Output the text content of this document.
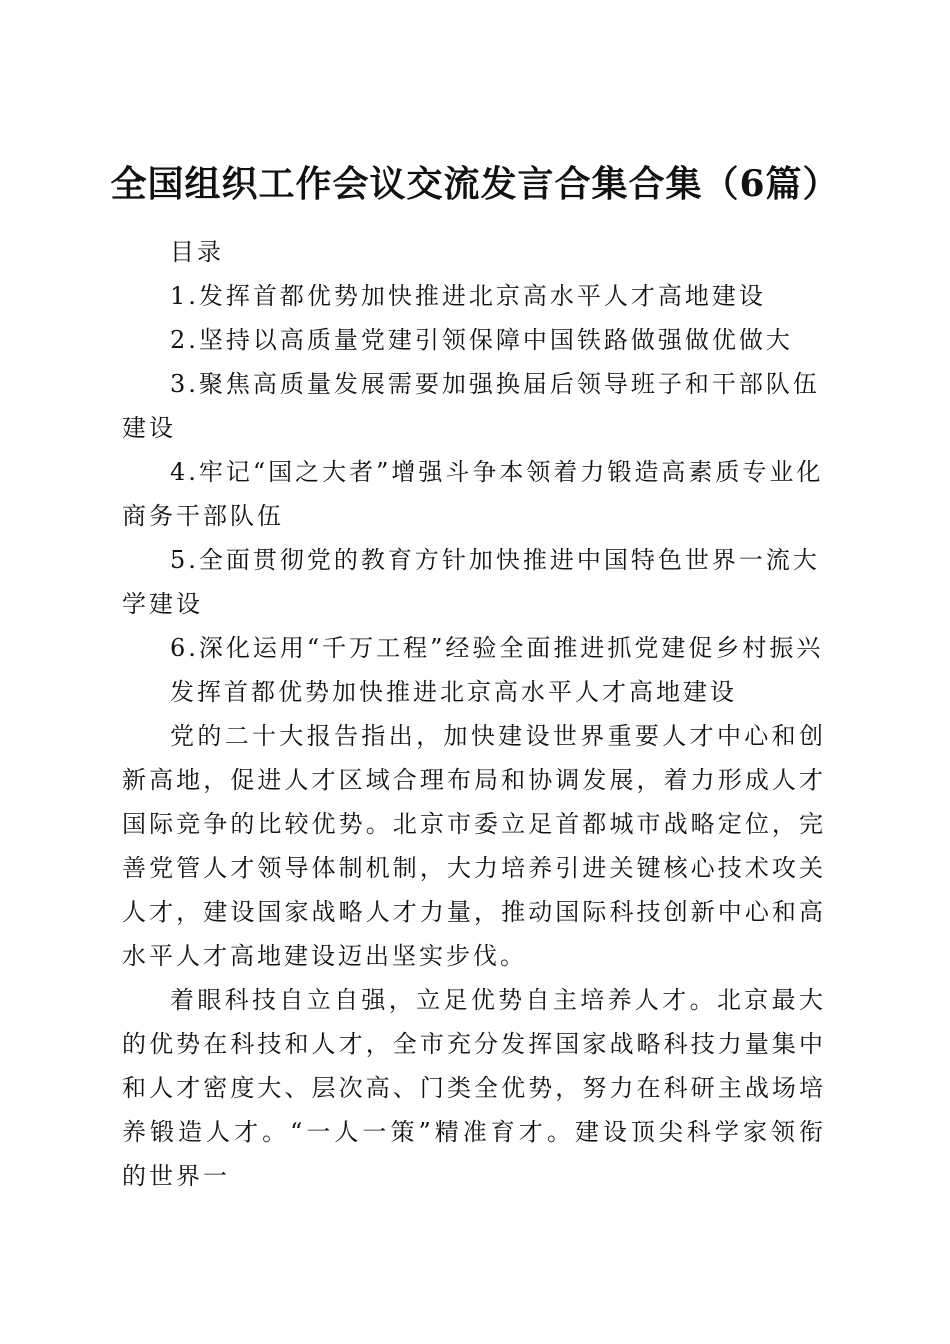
全国组织工作会议交流发言合集合集（6篇）

目录

1.发挥首都优势加快推进北京高水平人才高地建设

2.坚持以高质量党建引领保障中国铁路做强做优做大

3.聚焦高质量发展需要加强换届后领导班子和干部队伍建设

4.牢记“国之大者”增强斗争本领着力锻造高素质专业化商务干部队伍

5.全面贯彻党的教育方针加快推进中国特色世界一流大学建设

6.深化运用“千万工程”经验全面推进抓党建促乡村振兴

发挥首都优势加快推进北京高水平人才高地建设

党的二十大报告指出，加快建设世界重要人才中心和创新高地，促进人才区域合理布局和协调发展，着力形成人才国际竞争的比较优势。北京市委立足首都城市战略定位，完善党管人才领导体制机制，大力培养引进关键核心技术攻关人才，建设国家战略人才力量，推动国际科技创新中心和高水平人才高地建设迈出坚实步伐。

着眼科技自立自强，立足优势自主培养人才。北京最大的优势在科技和人才，全市充分发挥国家战略科技力量集中和人才密度大、层次高、门类全优势，努力在科研主战场培养锻造人才。“一人一策”精准育才。建设顶尖科学家领衔的世界一
